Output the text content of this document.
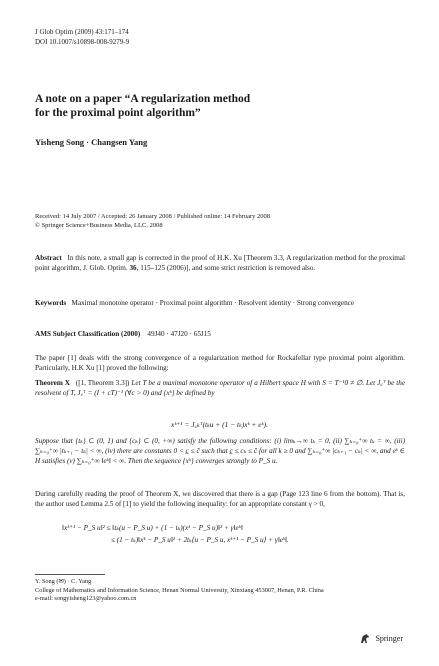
J Glob Optim (2009) 43:171–174
DOI 10.1007/s10898-008-9279-9
A note on a paper “A regularization method
for the proximal point algorithm”
Yisheng Song · Changsen Yang
Received: 14 July 2007 / Accepted: 26 January 2008 / Published online: 14 February 2008
© Springer Science+Business Media, LLC. 2008
Abstract In this note, a small gap is corrected in the proof of H.K. Xu [Theorem 3.3, A regularization method for the proximal point algorithm, J. Glob. Optim. 36, 115–125 (2006)], and some strict restriction is removed also.
Keywords Maximal monotone operator · Proximal point algorithm · Resolvent identity · Strong convergence
AMS Subject Classification (2000) 49J40 · 47J20 · 65J15
The paper [1] deals with the strong convergence of a regularization method for Rockafellar type proximal point algorithm. Particularly, H.K Xu [1] proved the following:
Theorem X ([1, Theorem 3.3]) Let T be a maximal monotone operator of a Hilbert space H with S = T⁻¹0 ≠ ∅. Let J꜀ᵀ be the resolvent of T, J꜀ᵀ = (I + cT)⁻¹ (∀c > 0) and {xᵏ} be defined by
xᵏ⁺¹ = J꜀ₖᵀ(tₖu + (1 − tₖ)xᵏ + eᵏ).
Suppose that {tₖ} ⊂ (0, 1) and {cₖ} ⊂ (0, +∞) satisfy the following conditions: (i) limₖ→∞ tₖ = 0, (ii) ∑ₖ₌₀⁺∞ tₖ = ∞, (iii) ∑ₖ₌₀⁺∞ |tₖ₊₁ − tₖ| < ∞, (iv) there are constants 0 < c̲ ≤ c̄ such that c̲ ≤ cₖ ≤ c̄ for all k ≥ 0 and ∑ₖ₌₀⁺∞ |cₖ₊₁ − cₖ| < ∞, and eᵏ ∈ H satisfies (v) ∑ₖ₌₀⁺∞ ‖eᵏ‖ < ∞. Then the sequence {xᵏ} converges strongly to P_S u.
During carefully reading the proof of Theorem X, we discovered that there is a gap (Page 123 line 6 from the bottom). That is, the author used Lemma 2.5 of [1] to yield the following inequality: for an appropriate constant γ > 0,
‖xᵏ⁺¹ − P_S u‖² ≤ ‖tₖ(u − P_S u) + (1 − tₖ)(xᵏ − P_S u)‖² + γ‖eᵏ‖
≤ (1 − tₖ)‖xᵏ − P_S u‖² + 2tₖ⟨u − P_S u, xᵏ⁺¹ − P_S u⟩ + γ‖eᵏ‖.
Y. Song (✉) · C. Yang
College of Mathematics and Information Science, Henan Normal University, Xinxiang 453007, Henan, P.R. China
e-mail: songyisheng123@yahoo.com.cn
Springer
